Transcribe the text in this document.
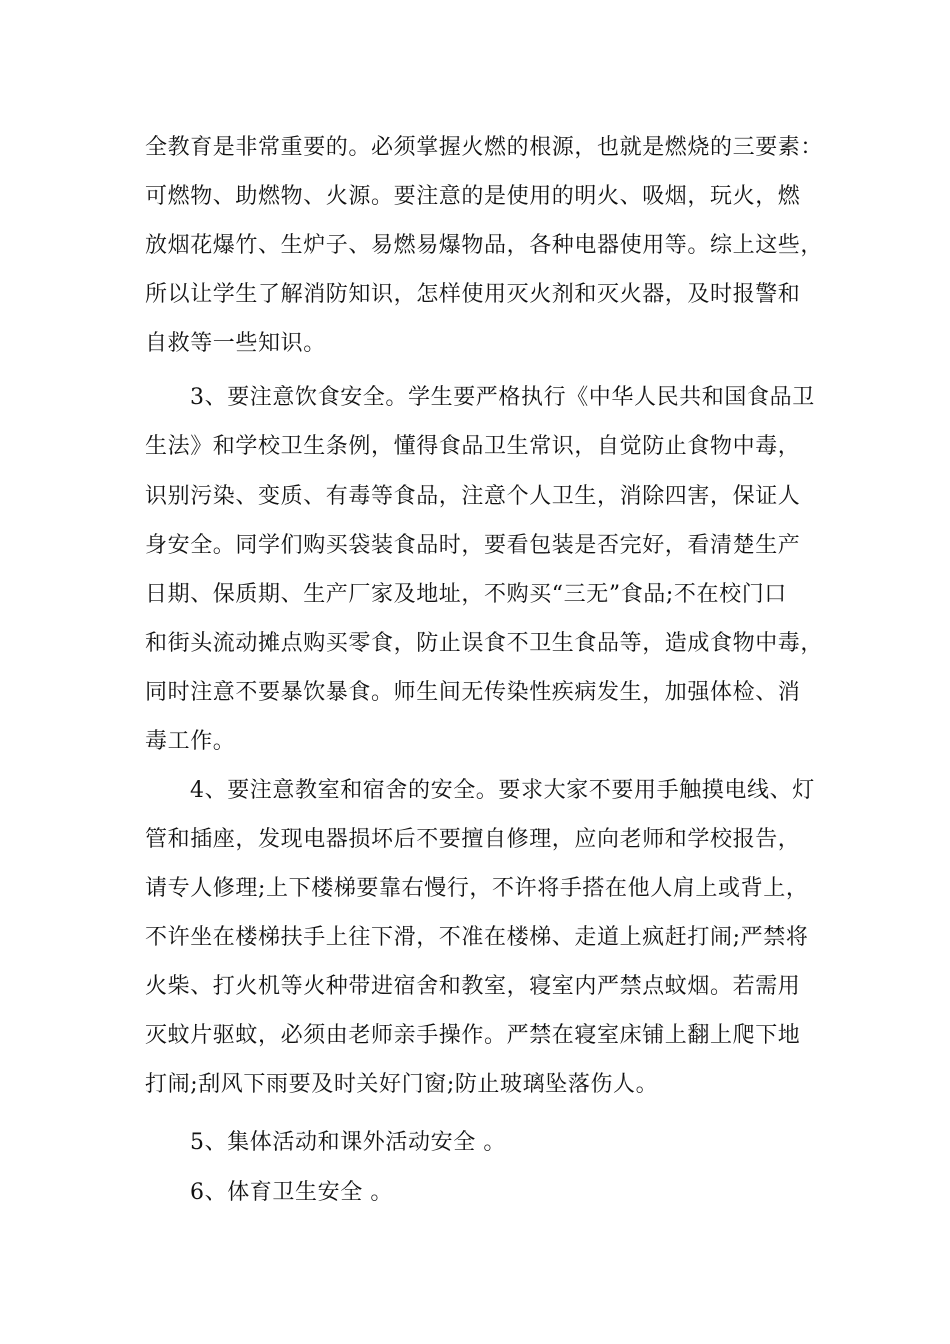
全教育是非常重要的。必须掌握火燃的根源，也就是燃烧的三要素：

可燃物、助燃物、火源。要注意的是使用的明火、吸烟，玩火，燃

放烟花爆竹、生炉子、易燃易爆物品，各种电器使用等。综上这些，

所以让学生了解消防知识，怎样使用灭火剂和灭火器，及时报警和

自救等一些知识。

3、要注意饮食安全。学生要严格执行《中华人民共和国食品卫

生法》和学校卫生条例，懂得食品卫生常识，自觉防止食物中毒，

识别污染、变质、有毒等食品，注意个人卫生，消除四害，保证人

身安全。同学们购买袋装食品时，要看包装是否完好，看清楚生产

日期、保质期、生产厂家及地址，不购买“三无”食品;不在校门口

和街头流动摊点购买零食，防止误食不卫生食品等，造成食物中毒，

同时注意不要暴饮暴食。师生间无传染性疾病发生，加强体检、消

毒工作。

4、要注意教室和宿舍的安全。要求大家不要用手触摸电线、灯

管和插座，发现电器损坏后不要擅自修理，应向老师和学校报告，

请专人修理;上下楼梯要靠右慢行，不许将手搭在他人肩上或背上，

不许坐在楼梯扶手上往下滑，不准在楼梯、走道上疯赶打闹;严禁将

火柴、打火机等火种带进宿舍和教室，寝室内严禁点蚊烟。若需用

灭蚊片驱蚊，必须由老师亲手操作。严禁在寝室床铺上翻上爬下地

打闹;刮风下雨要及时关好门窗;防止玻璃坠落伤人。

5、集体活动和课外活动安全 。

6、体育卫生安全 。
